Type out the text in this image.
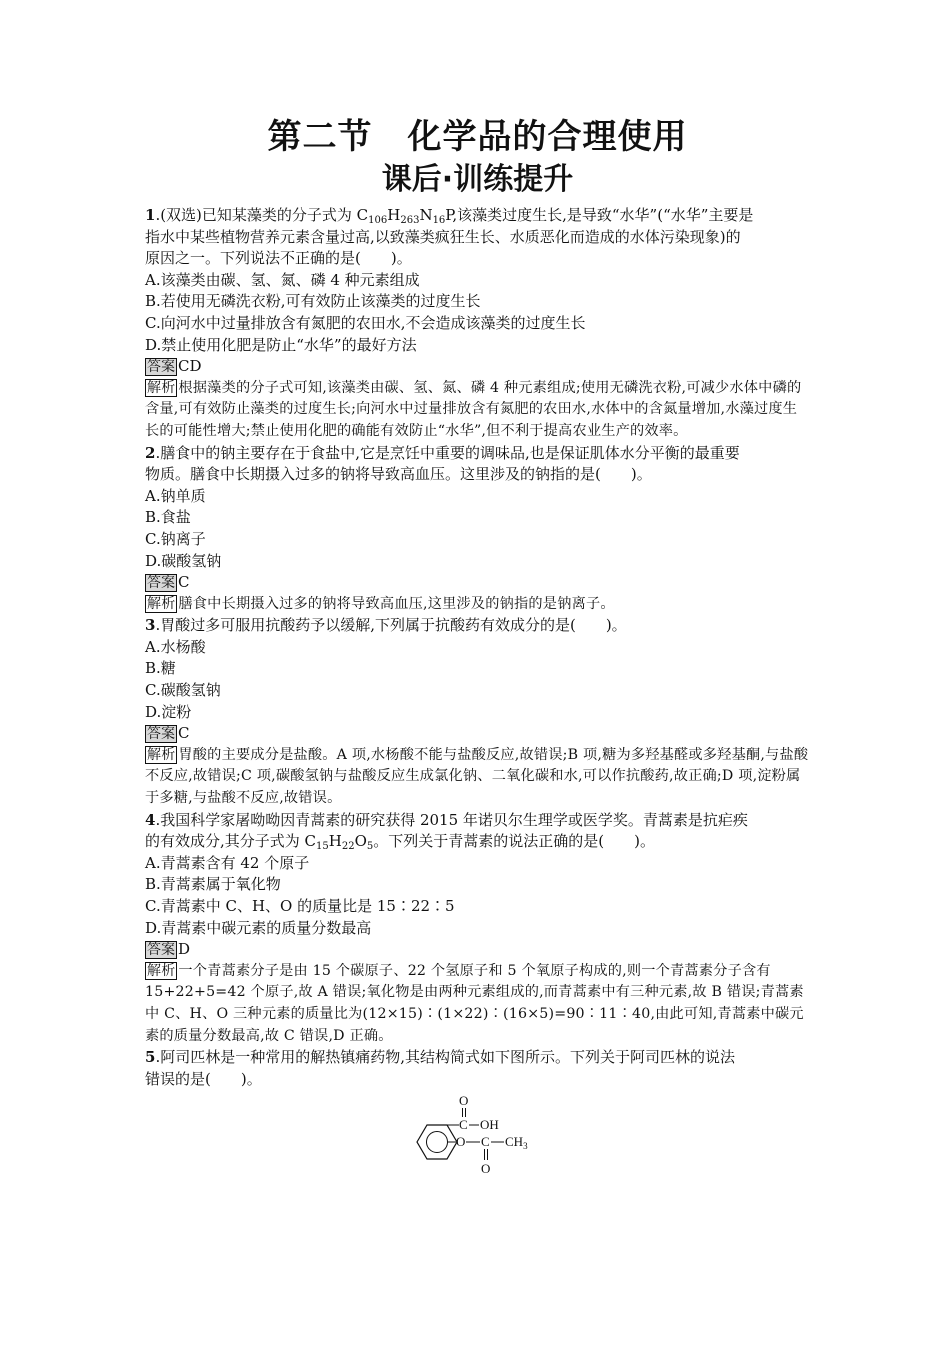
第二节　化学品的合理使用
课后·训练提升
1.(双选)已知某藻类的分子式为 $C_{106}H_{263}N_{16}P$,该藻类过度生长,是导致“水华”(“水华”主要是
指水中某些植物营养元素含量过高,以致藻类疯狂生长、水质恶化而造成的水体污染现象)的
原因之一。下列说法不正确的是(　　)。
A.该藻类由碳、氢、氮、磷 4 种元素组成
B.若使用无磷洗衣粉,可有效防止该藻类的过度生长
C.向河水中过量排放含有氮肥的农田水,不会造成该藻类的过度生长
D.禁止使用化肥是防止“水华”的最好方法
答案 CD
解析 根据藻类的分子式可知,该藻类由碳、氢、氮、磷 4 种元素组成;使用无磷洗衣粉,可减少水体中磷的含量,可有效防止藻类的过度生长;向河水中过量排放含有氮肥的农田水,水体中的含氮量增加,水藻过度生长的可能性增大;禁止使用化肥的确能有效防止“水华”,但不利于提高农业生产的效率。
2.膳食中的钠主要存在于食盐中,它是烹饪中重要的调味品,也是保证肌体水分平衡的最重要
物质。膳食中长期摄入过多的钠将导致高血压。这里涉及的钠指的是(　　)。
A.钠单质
B.食盐
C.钠离子
D.碳酸氢钠
答案 C
解析 膳食中长期摄入过多的钠将导致高血压,这里涉及的钠指的是钠离子。
3.胃酸过多可服用抗酸药予以缓解,下列属于抗酸药有效成分的是(　　)。
A.水杨酸
B.糖
C.碳酸氢钠
D.淀粉
答案 C
解析 胃酸的主要成分是盐酸。A 项,水杨酸不能与盐酸反应,故错误;B 项,糖为多羟基醛或多羟基酮,与盐酸不反应,故错误;C 项,碳酸氢钠与盐酸反应生成氯化钠、二氧化碳和水,可以作抗酸药,故正确;D 项,淀粉属于多糖,与盐酸不反应,故错误。
4.我国科学家屠呦呦因青蒿素的研究获得 2015 年诺贝尔生理学或医学奖。青蒿素是抗疟疾
的有效成分,其分子式为 $C_{15}H_{22}O_5$。下列关于青蒿素的说法正确的是(　　)。
A.青蒿素含有 42 个原子
B.青蒿素属于氧化物
C.青蒿素中 C、H、O 的质量比是 15∶22∶5
D.青蒿素中碳元素的质量分数最高
答案 D
解析 一个青蒿素分子是由 15 个碳原子、22 个氢原子和 5 个氧原子构成的,则一个青蒿素分子含有 15+22+5=42 个原子,故 A 错误;氧化物是由两种元素组成的,而青蒿素中有三种元素,故 B 错误;青蒿素中 C、H、O 三种元素的质量比为(12×15)∶(1×22)∶(16×5)=90∶11∶40,由此可知,青蒿素中碳元素的质量分数最高,故 C 错误,D 正确。
5.阿司匹林是一种常用的解热镇痛药物,其结构简式如下图所示。下列关于阿司匹林的说法
错误的是(　　)。
C
O
OH
O C $CH_3$
O
